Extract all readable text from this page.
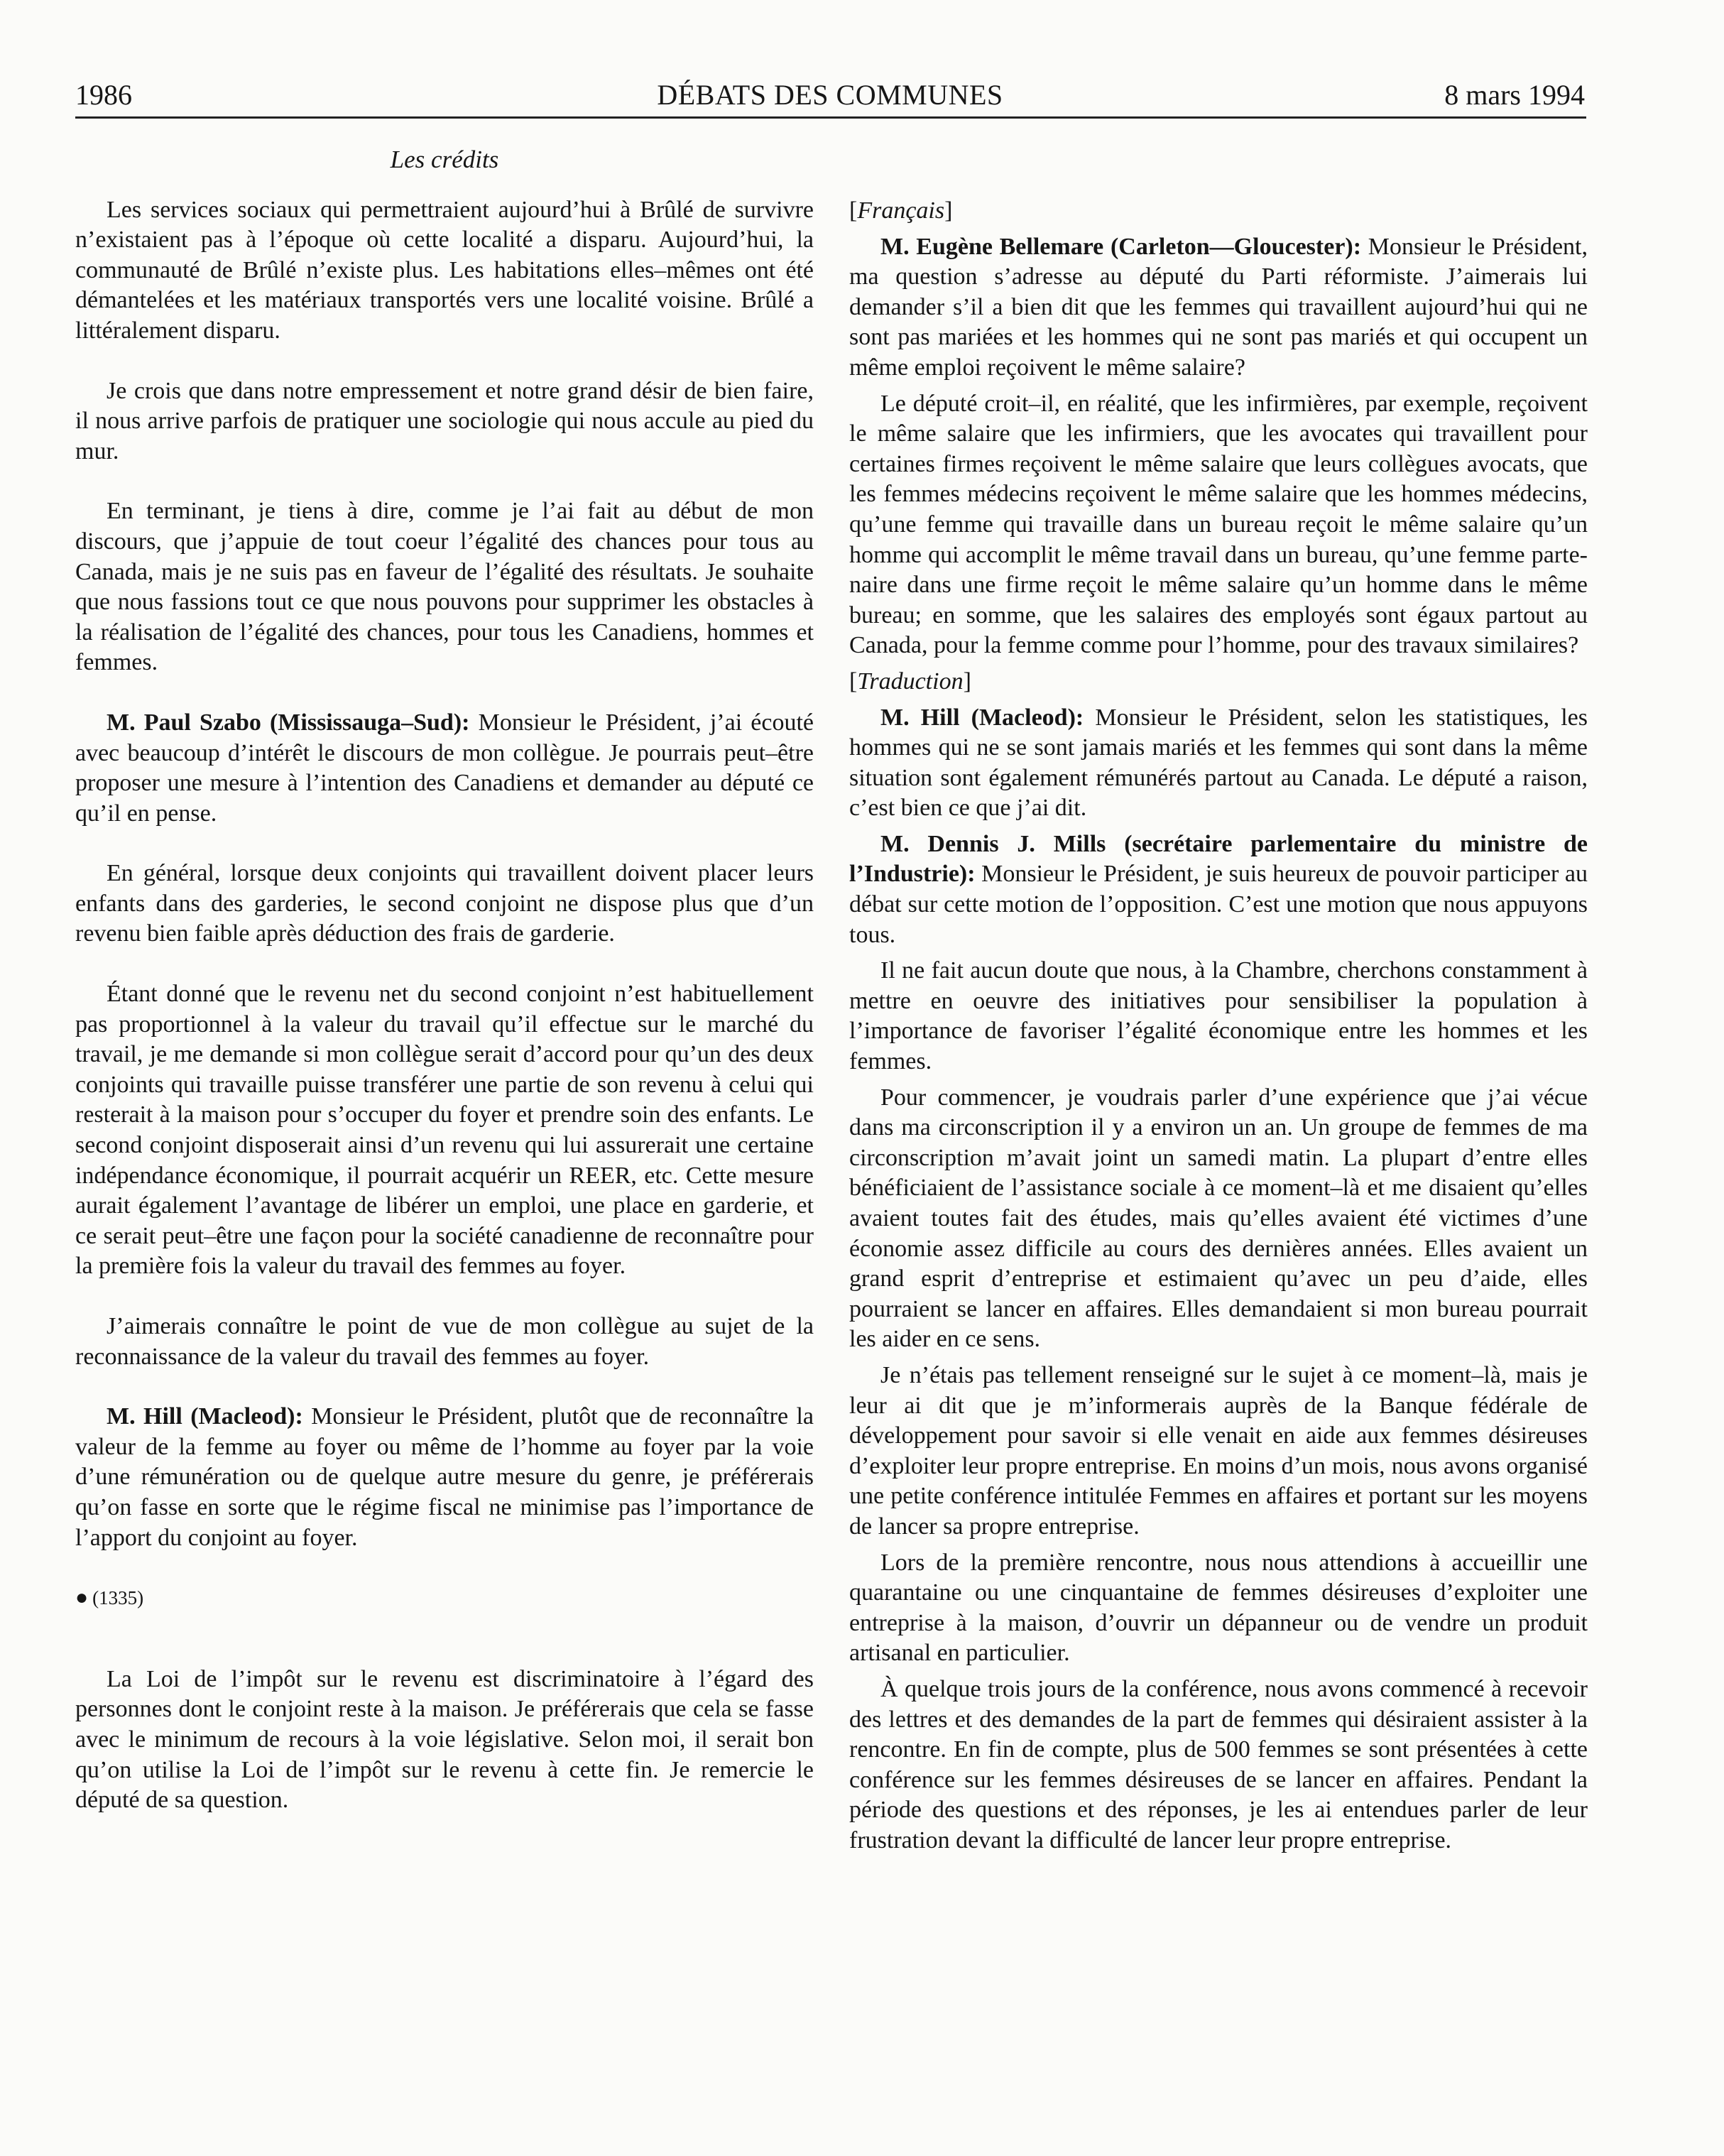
1986	DÉBATS DES COMMUNES	8 mars 1994

Les crédits

Les services sociaux qui permettraient aujourd’hui à Brûlé de survivre n’existaient pas à l’époque où cette localité a disparu. Aujourd’hui, la communauté de Brûlé n’existe plus. Les habitations elles–mêmes ont été démantelées et les matériaux transportés vers une localité voisine. Brûlé a littéralement disparu.

Je crois que dans notre empressement et notre grand désir de bien faire, il nous arrive parfois de pratiquer une sociologie qui nous accule au pied du mur.

En terminant, je tiens à dire, comme je l’ai fait au début de mon discours, que j’appuie de tout coeur l’égalité des chances pour tous au Canada, mais je ne suis pas en faveur de l’égalité des résultats. Je souhaite que nous fassions tout ce que nous pouvons pour supprimer les obstacles à la réalisation de l’égalité des chances, pour tous les Canadiens, hommes et femmes.

M. Paul Szabo (Mississauga–Sud): Monsieur le Président, j’ai écouté avec beaucoup d’intérêt le discours de mon collègue. Je pourrais peut–être proposer une mesure à l’intention des Canadiens et demander au député ce qu’il en pense.

En général, lorsque deux conjoints qui travaillent doivent placer leurs enfants dans des garderies, le second conjoint ne dispose plus que d’un revenu bien faible après déduction des frais de garderie.

Étant donné que le revenu net du second conjoint n’est habituellement pas proportionnel à la valeur du travail qu’il effectue sur le marché du travail, je me demande si mon collègue serait d’accord pour qu’un des deux conjoints qui travaille puisse transférer une partie de son revenu à celui qui resterait à la maison pour s’occuper du foyer et prendre soin des enfants. Le second conjoint disposerait ainsi d’un revenu qui lui assurerait une certaine indépendance économique, il pourrait acquérir un REER, etc. Cette mesure aurait également l’avantage de libérer un emploi, une place en garderie, et ce serait peut–être une façon pour la société canadienne de reconnaître pour la première fois la valeur du travail des femmes au foyer.

J’aimerais connaître le point de vue de mon collègue au sujet de la reconnaissance de la valeur du travail des femmes au foyer.

M. Hill (Macleod): Monsieur le Président, plutôt que de reconnaître la valeur de la femme au foyer ou même de l’homme au foyer par la voie d’une rémunération ou de quelque autre mesure du genre, je préférerais qu’on fasse en sorte que le régime fiscal ne minimise pas l’importance de l’apport du conjoint au foyer.

● (1335)

La Loi de l’impôt sur le revenu est discriminatoire à l’égard des personnes dont le conjoint reste à la maison. Je préférerais que cela se fasse avec le minimum de recours à la voie législative. Selon moi, il serait bon qu’on utilise la Loi de l’impôt sur le revenu à cette fin. Je remercie le député de sa question.

[Français]

M. Eugène Bellemare (Carleton—Gloucester): Monsieur le Président, ma question s’adresse au député du Parti réformiste. J’aimerais lui demander s’il a bien dit que les femmes qui travaillent aujourd’hui qui ne sont pas mariées et les hommes qui ne sont pas mariés et qui occupent un même emploi reçoivent le même salaire?

Le député croit–il, en réalité, que les infirmières, par exemple, reçoivent le même salaire que les infirmiers, que les avocates qui travaillent pour certaines firmes reçoivent le même salaire que leurs collègues avocats, que les femmes médecins reçoivent le même salaire que les hommes médecins, qu’une femme qui travaille dans un bureau reçoit le même salaire qu’un homme qui accomplit le même travail dans un bureau, qu’une femme partenaire dans une firme reçoit le même salaire qu’un homme dans le même bureau; en somme, que les salaires des employés sont égaux partout au Canada, pour la femme comme pour l’homme, pour des travaux similaires?

[Traduction]

M. Hill (Macleod): Monsieur le Président, selon les statistiques, les hommes qui ne se sont jamais mariés et les femmes qui sont dans la même situation sont également rémunérés partout au Canada. Le député a raison, c’est bien ce que j’ai dit.

M. Dennis J. Mills (secrétaire parlementaire du ministre de l’Industrie): Monsieur le Président, je suis heureux de pouvoir participer au débat sur cette motion de l’opposition. C’est une motion que nous appuyons tous.

Il ne fait aucun doute que nous, à la Chambre, cherchons constamment à mettre en oeuvre des initiatives pour sensibiliser la population à l’importance de favoriser l’égalité économique entre les hommes et les femmes.

Pour commencer, je voudrais parler d’une expérience que j’ai vécue dans ma circonscription il y a environ un an. Un groupe de femmes de ma circonscription m’avait joint un samedi matin. La plupart d’entre elles bénéficiaient de l’assistance sociale à ce moment–là et me disaient qu’elles avaient toutes fait des études, mais qu’elles avaient été victimes d’une économie assez difficile au cours des dernières années. Elles avaient un grand esprit d’entreprise et estimaient qu’avec un peu d’aide, elles pourraient se lancer en affaires. Elles demandaient si mon bureau pourrait les aider en ce sens.

Je n’étais pas tellement renseigné sur le sujet à ce moment–là, mais je leur ai dit que je m’informerais auprès de la Banque fédérale de développement pour savoir si elle venait en aide aux femmes désireuses d’exploiter leur propre entreprise. En moins d’un mois, nous avons organisé une petite conférence intitulée Femmes en affaires et portant sur les moyens de lancer sa propre entreprise.

Lors de la première rencontre, nous nous attendions à accueillir une quarantaine ou une cinquantaine de femmes désireuses d’exploiter une entreprise à la maison, d’ouvrir un dépanneur ou de vendre un produit artisanal en particulier.

À quelque trois jours de la conférence, nous avons commencé à recevoir des lettres et des demandes de la part de femmes qui désiraient assister à la rencontre. En fin de compte, plus de 500 femmes se sont présentées à cette conférence sur les femmes désireuses de se lancer en affaires. Pendant la période des questions et des réponses, je les ai entendues parler de leur frustration devant la difficulté de lancer leur propre entreprise.
